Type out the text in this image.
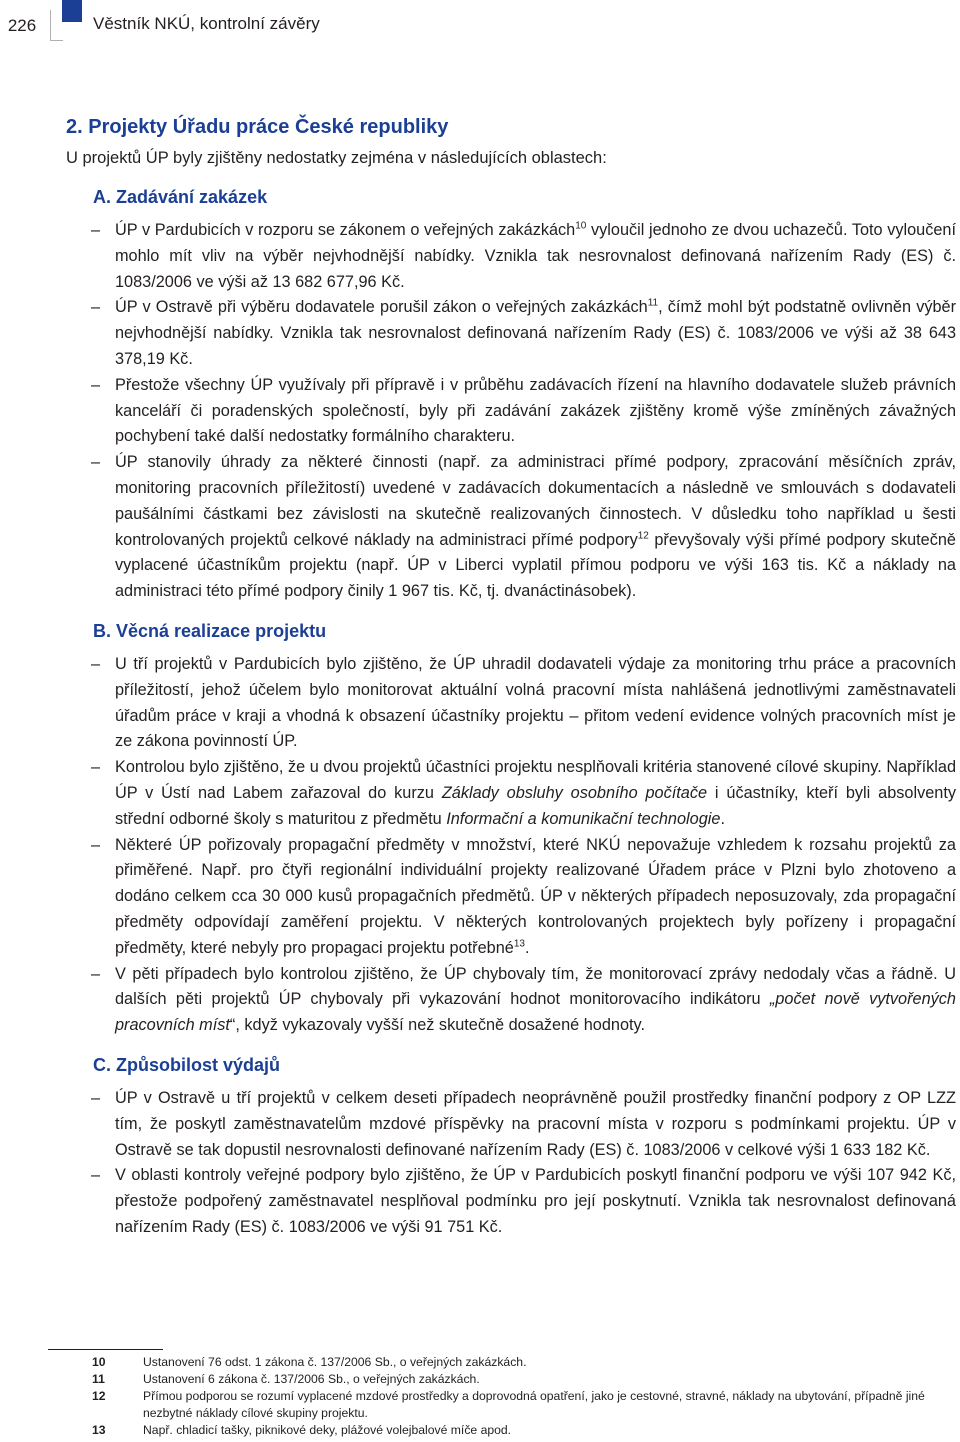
226	Věstník NKÚ, kontrolní závěry
2. Projekty Úřadu práce České republiky
U projektů ÚP byly zjištěny nedostatky zejména v následujících oblastech:
A. Zadávání zakázek
– ÚP v Pardubicích v rozporu se zákonem o veřejných zakázkách$^{10}$ vyloučil jednoho ze dvou uchazečů. Toto vyloučení mohlo mít vliv na výběr nejvhodnější nabídky. Vznikla tak nesrovnalost definovaná nařízením Rady (ES) č. 1083/2006 ve výši až 13 682 677,96 Kč.
– ÚP v Ostravě při výběru dodavatele porušil zákon o veřejných zakázkách$^{11}$, čímž mohl být podstatně ovlivněn výběr nejvhodnější nabídky. Vznikla tak nesrovnalost definovaná nařízením Rady (ES) č. 1083/2006 ve výši až 38 643 378,19 Kč.
– Přestože všechny ÚP využívaly při přípravě i v průběhu zadávacích řízení na hlavního dodavatele služeb právních kanceláří či poradenských společností, byly při zadávání zakázek zjištěny kromě výše zmíněných závažných pochybení také další nedostatky formálního charakteru.
– ÚP stanovily úhrady za některé činnosti (např. za administraci přímé podpory, zpracování měsíčních zpráv, monitoring pracovních příležitostí) uvedené v zadávacích dokumentacích a následně ve smlouvách s dodavateli paušálními částkami bez závislosti na skutečně realizovaných činnostech. V důsledku toho například u šesti kontrolovaných projektů celkové náklady na administraci přímé podpory$^{12}$ převyšovaly výši přímé podpory skutečně vyplacené účastníkům projektu (např. ÚP v Liberci vyplatil přímou podporu ve výši 163 tis. Kč a náklady na administraci této přímé podpory činily 1 967 tis. Kč, tj. dvanáctinásobek).
B. Věcná realizace projektu
– U tří projektů v Pardubicích bylo zjištěno, že ÚP uhradil dodavateli výdaje za monitoring trhu práce a pracovních příležitostí, jehož účelem bylo monitorovat aktuální volná pracovní místa nahlášená jednotlivými zaměstnavateli úřadům práce v kraji a vhodná k obsazení účastníky projektu – přitom vedení evidence volných pracovních míst je ze zákona povinností ÚP.
– Kontrolou bylo zjištěno, že u dvou projektů účastníci projektu nesplňovali kritéria stanovené cílové skupiny. Například ÚP v Ústí nad Labem zařazoval do kurzu Základy obsluhy osobního počítače i účastníky, kteří byli absolventy střední odborné školy s maturitou z předmětu Informační a komunikační technologie.
– Některé ÚP pořizovaly propagační předměty v množství, které NKÚ nepovažuje vzhledem k rozsahu projektů za přiměřené. Např. pro čtyři regionální individuální projekty realizované Úřadem práce v Plzni bylo zhotoveno a dodáno celkem cca 30 000 kusů propagačních předmětů. ÚP v některých případech neposuzovaly, zda propagační předměty odpovídají zaměření projektu. V některých kontrolovaných projektech byly pořízeny i propagační předměty, které nebyly pro propagaci projektu potřebné$^{13}$.
– V pěti případech bylo kontrolou zjištěno, že ÚP chybovaly tím, že monitorovací zprávy nedodaly včas a řádně. U dalších pěti projektů ÚP chybovaly při vykazování hodnot monitorovacího indikátoru „počet nově vytvořených pracovních míst“, když vykazovaly vyšší než skutečně dosažené hodnoty.
C. Způsobilost výdajů
– ÚP v Ostravě u tří projektů v celkem deseti případech neoprávněně použil prostředky finanční podpory z OP LZZ tím, že poskytl zaměstnavatelům mzdové příspěvky na pracovní místa v rozporu s podmínkami projektu. ÚP v Ostravě se tak dopustil nesrovnalosti definované nařízením Rady (ES) č. 1083/2006 v celkové výši 1 633 182 Kč.
– V oblasti kontroly veřejné podpory bylo zjištěno, že ÚP v Pardubicích poskytl finanční podporu ve výši 107 942 Kč, přestože podpořený zaměstnavatel nesplňoval podmínku pro její poskytnutí. Vznikla tak nesrovnalost definovaná nařízením Rady (ES) č. 1083/2006 ve výši 91 751 Kč.
10	Ustanovení 76 odst. 1 zákona č. 137/2006 Sb., o veřejných zakázkách.
11	Ustanovení 6 zákona č. 137/2006 Sb., o veřejných zakázkách.
12	Přímou podporou se rozumí vyplacené mzdové prostředky a doprovodná opatření, jako je cestovné, stravné, náklady na ubytování, případně jiné nezbytné náklady cílové skupiny projektu.
13	Např. chladicí tašky, piknikové deky, plážové volejbalové míče apod.
